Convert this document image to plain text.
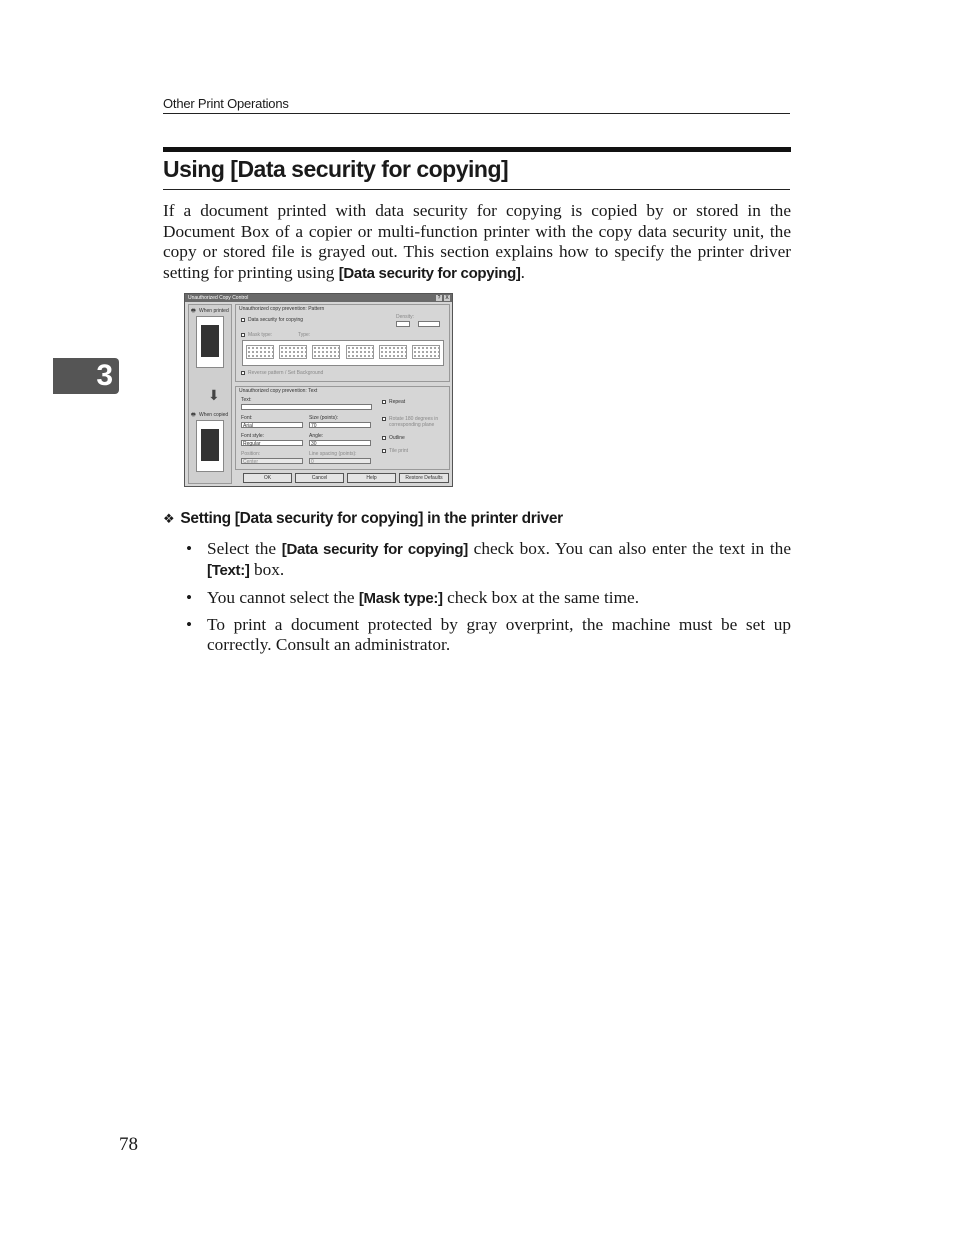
Other Print Operations
Using [Data security for copying]
If a document printed with data security for copying is copied by or stored in the Document Box of a copier or multi-function printer with the copy data security unit, the copy or stored file is grayed out. This section explains how to specify the printer driver setting for printing using [Data security for copying].
3
Unauthorized Copy Control	? X
🖶 When printed
⬇
🖶 When copied
Unauthorized copy prevention: Pattern
Data security for copying	Density:
Mask type:	Type:
Reverse pattern / Set Background
Unauthorized copy prevention: Text
Text:
Font:
Arial
Size (points):
70
Font style:
Regular
Angle:
30
Position:
Center
Line spacing (points):
0
Repeat
Rotate 180 degrees in corresponding plane
Outline
Tile print
OK	Cancel	Help	Restore Defaults
❖ Setting [Data security for copying] in the printer driver
• Select the [Data security for copying] check box. You can also enter the text in the [Text:] box.
• You cannot select the [Mask type:] check box at the same time.
• To print a document protected by gray overprint, the machine must be set up correctly. Consult an administrator.
78
